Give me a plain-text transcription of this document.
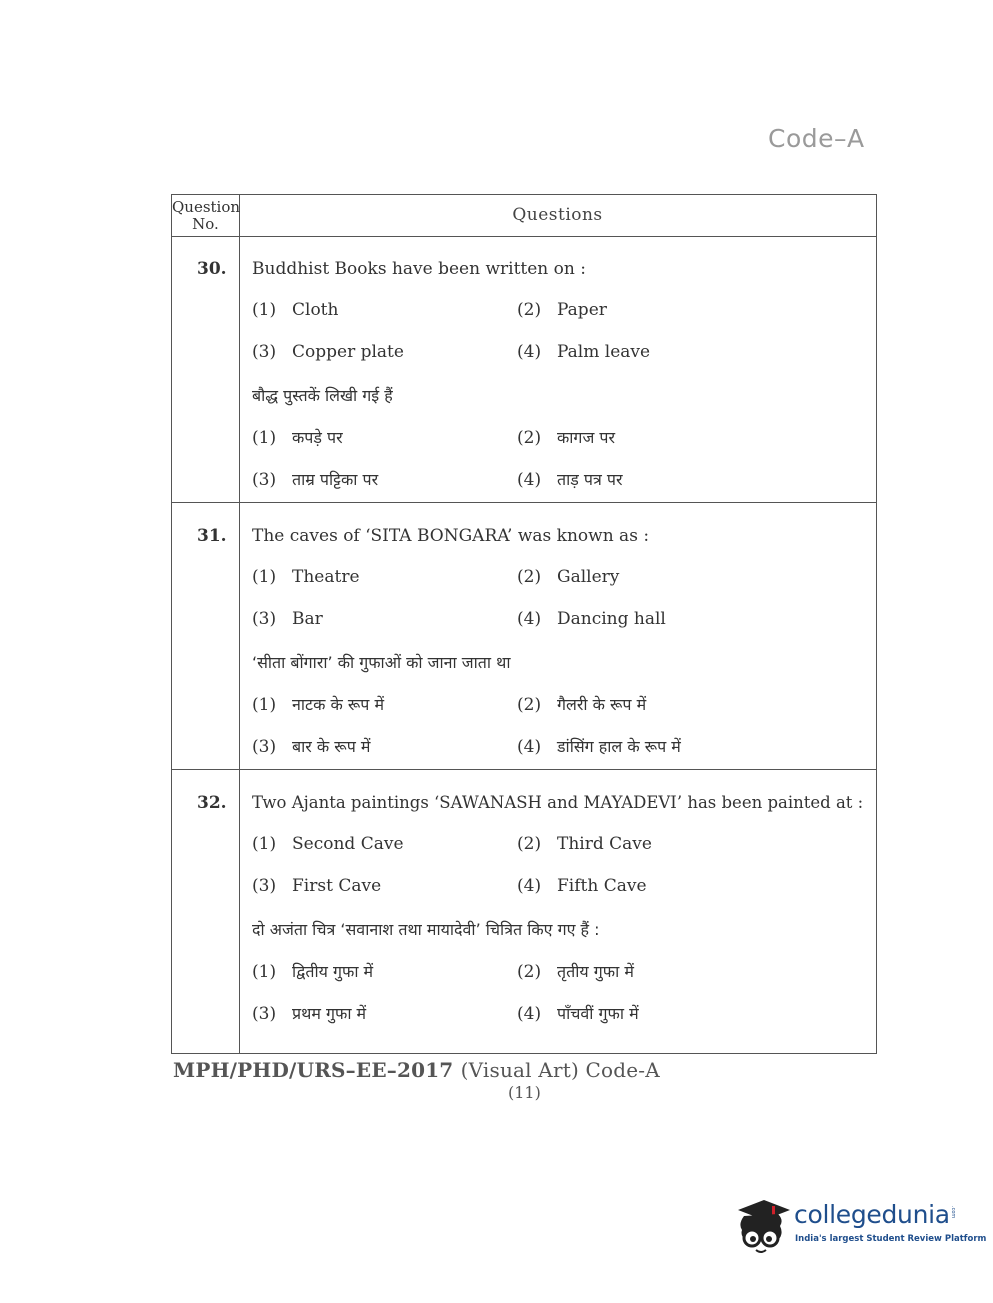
Code–A
Question No.	Questions
30. Buddhist Books have been written on :
(1) Cloth	(2) Paper
(3) Copper plate	(4) Palm leave
बौद्ध पुस्तकें लिखी गई हैं
(1) कपड़े पर	(2) कागज पर
(3) ताम्र पट्टिका पर	(4) ताड़ पत्र पर
31. The caves of ‘SITA BONGARA’ was known as :
(1) Theatre	(2) Gallery
(3) Bar	(4) Dancing hall
‘सीता बोंगारा’ की गुफाओं को जाना जाता था
(1) नाटक के रूप में	(2) गैलरी के रूप में
(3) बार के रूप में	(4) डांसिंग हाल के रूप में
32. Two Ajanta paintings ‘SAWANASH and MAYADEVI’ has been painted at :
(1) Second Cave	(2) Third Cave
(3) First Cave	(4) Fifth Cave
दो अजंता चित्र ‘सवानाश तथा मायादेवी’ चित्रित किए गए हैं :
(1) द्वितीय गुफा में	(2) तृतीय गुफा में
(3) प्रथम गुफा में	(4) पाँचवीं गुफा में
MPH/PHD/URS–EE–2017 (Visual Art) Code-A
(11)
collegedunia .com
India's largest Student Review Platform
